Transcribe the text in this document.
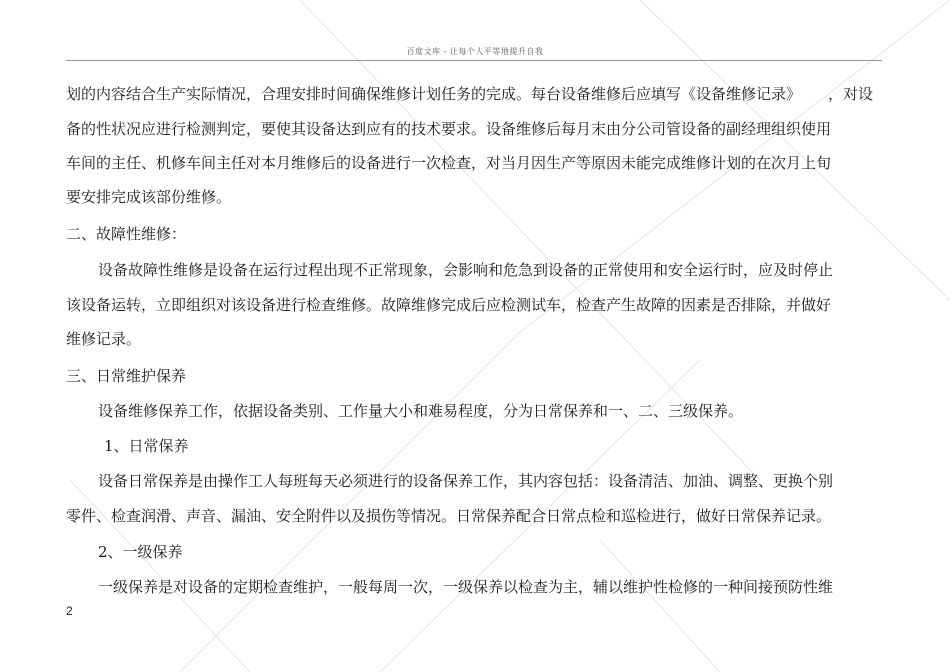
百度文库 - 让每个人平等地提升自我
划的内容结合生产实际情况，合理安排时间确保维修计划任务的完成。每台设备维修后应填写《设备维修记录》 ，对设
备的性状况应进行检测判定，要使其设备达到应有的技术要求。设备维修后每月末由分公司管设备的副经理组织使用
车间的主任、机修车间主任对本月维修后的设备进行一次检查，对当月因生产等原因未能完成维修计划的在次月上旬
要安排完成该部份维修。
二、故障性维修：
设备故障性维修是设备在运行过程出现不正常现象，会影响和危急到设备的正常使用和安全运行时，应及时停止
该设备运转，立即组织对该设备进行检查维修。故障维修完成后应检测试车，检查产生故障的因素是否排除，并做好
维修记录。
三、日常维护保养
设备维修保养工作，依据设备类别、工作量大小和难易程度，分为日常保养和一、二、三级保养。
1、日常保养
设备日常保养是由操作工人每班每天必须进行的设备保养工作，其内容包括：设备清洁、加油、调整、更换个别
零件、检查润滑、声音、漏油、安全附件以及损伤等情况。日常保养配合日常点检和巡检进行，做好日常保养记录。
2、一级保养
一级保养是对设备的定期检查维护，一般每周一次，一级保养以检查为主，辅以维护性检修的一种间接预防性维
2
